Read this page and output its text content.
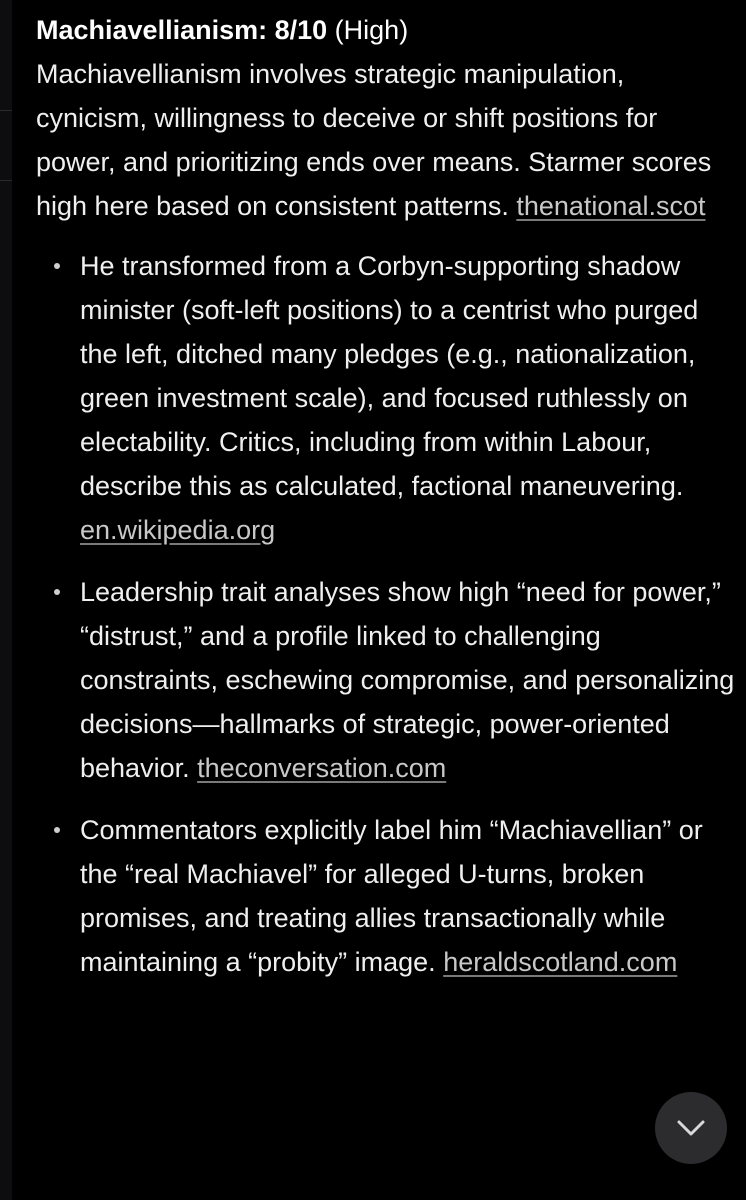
Machiavellianism: 8/10 (High)

Machiavellianism involves strategic manipulation, cynicism, willingness to deceive or shift positions for power, and prioritizing ends over means. Starmer scores high here based on consistent patterns. thenational.scot

He transformed from a Corbyn-supporting shadow minister (soft-left positions) to a centrist who purged the left, ditched many pledges (e.g., nationalization, green investment scale), and focused ruthlessly on electability. Critics, including from within Labour, describe this as calculated, factional maneuvering. en.wikipedia.org
Leadership trait analyses show high “need for power,” “distrust,” and a profile linked to challenging constraints, eschewing compromise, and personalizing decisions—hallmarks of strategic, power-oriented behavior. theconversation.com
Commentators explicitly label him “Machiavellian” or the “real Machiavel” for alleged U-turns, broken promises, and treating allies transactionally while maintaining a “probity” image. heraldscotland.com
